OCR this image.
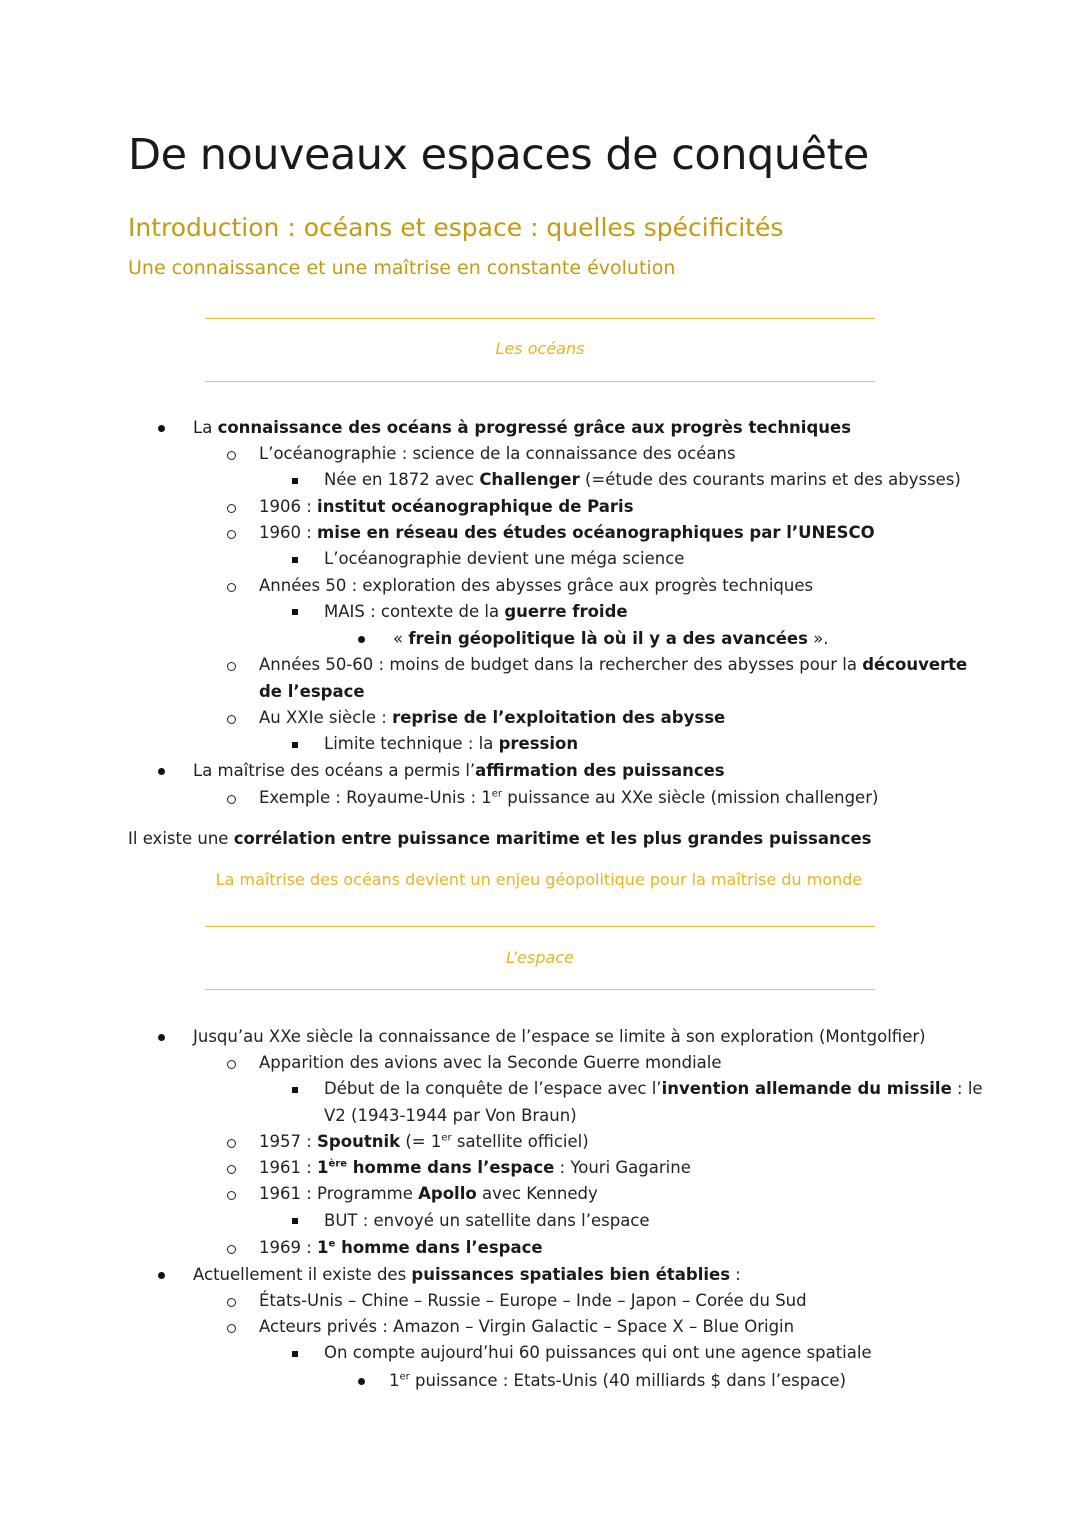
De nouveaux espaces de conquête
Introduction : océans et espace : quelles spécificités
Une connaissance et une maîtrise en constante évolution
Les océans
La connaissance des océans à progressé grâce aux progrès techniques
L’océanographie : science de la connaissance des océans
Née en 1872 avec Challenger (=étude des courants marins et des abysses)
1906 : institut océanographique de Paris
1960 : mise en réseau des études océanographiques par l’UNESCO
L’océanographie devient une méga science
Années 50 : exploration des abysses grâce aux progrès techniques
MAIS : contexte de la guerre froide
« frein géopolitique là où il y a des avancées ».
Années 50-60 : moins de budget dans la rechercher des abysses pour la découverte
de l’espace
Au XXIe siècle : reprise de l’exploitation des abysse
Limite technique : la pression
La maîtrise des océans a permis l’affirmation des puissances
Exemple : Royaume-Unis : 1er puissance au XXe siècle (mission challenger)
Il existe une corrélation entre puissance maritime et les plus grandes puissances
La maîtrise des océans devient un enjeu géopolitique pour la maîtrise du monde
L’espace
Jusqu’au XXe siècle la connaissance de l’espace se limite à son exploration (Montgolfier)
Apparition des avions avec la Seconde Guerre mondiale
Début de la conquête de l’espace avec l’invention allemande du missile : le
V2 (1943-1944 par Von Braun)
1957 : Spoutnik (= 1er satellite officiel)
1961 : 1ère homme dans l’espace : Youri Gagarine
1961 : Programme Apollo avec Kennedy
BUT : envoyé un satellite dans l’espace
1969 : 1e homme dans l’espace
Actuellement il existe des puissances spatiales bien établies :
États-Unis – Chine – Russie – Europe – Inde – Japon – Corée du Sud
Acteurs privés : Amazon – Virgin Galactic – Space X – Blue Origin
On compte aujourd’hui 60 puissances qui ont une agence spatiale
1er puissance : Etats-Unis (40 milliards $ dans l’espace)
